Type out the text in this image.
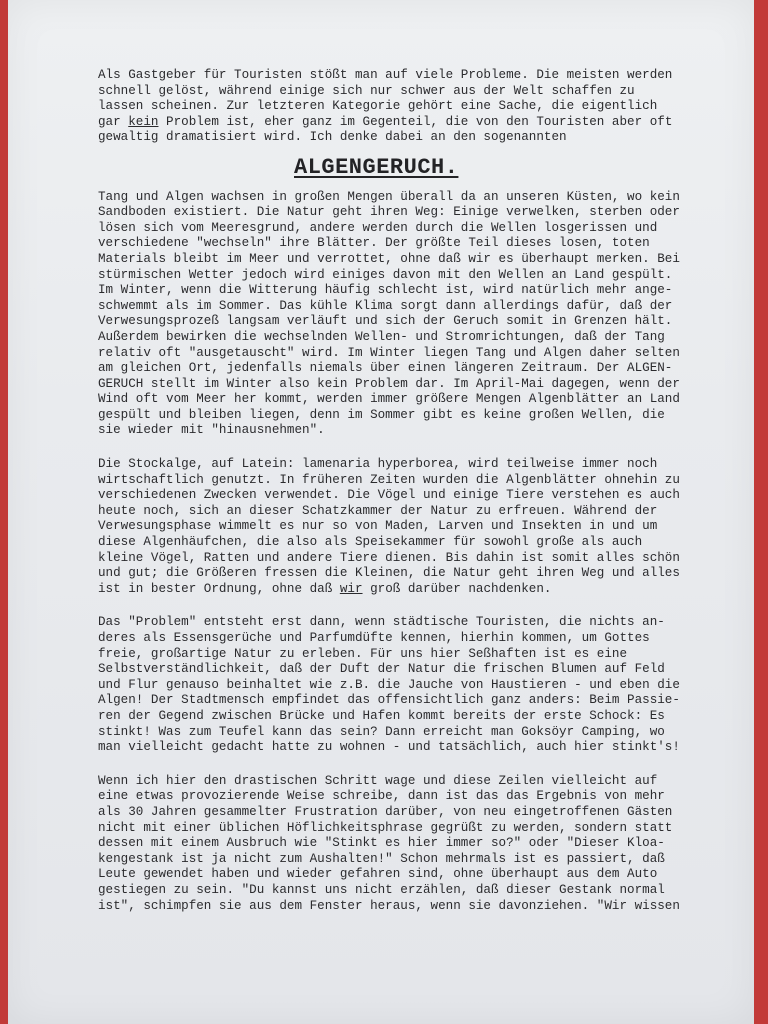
Als Gastgeber für Touristen stößt man auf viele Probleme. Die meisten werden
schnell gelöst, während einige sich nur schwer aus der Welt schaffen zu
lassen scheinen. Zur letzteren Kategorie gehört eine Sache, die eigentlich
gar kein Problem ist, eher ganz im Gegenteil, die von den Touristen aber oft
gewaltig dramatisiert wird. Ich denke dabei an den sogenannten
ALGENGERUCH.
Tang und Algen wachsen in großen Mengen überall da an unseren Küsten, wo kein
Sandboden existiert. Die Natur geht ihren Weg: Einige verwelken, sterben oder
lösen sich vom Meeresgrund, andere werden durch die Wellen losgerissen und
verschiedene "wechseln" ihre Blätter. Der größte Teil dieses losen, toten
Materials bleibt im Meer und verrottet, ohne daß wir es überhaupt merken. Bei
stürmischen Wetter jedoch wird einiges davon mit den Wellen an Land gespült.
Im Winter, wenn die Witterung häufig schlecht ist, wird natürlich mehr ange-
schwemmt als im Sommer. Das kühle Klima sorgt dann allerdings dafür, daß der
Verwesungsprozeß langsam verläuft und sich der Geruch somit in Grenzen hält.
Außerdem bewirken die wechselnden Wellen- und Stromrichtungen, daß der Tang
relativ oft "ausgetauscht" wird. Im Winter liegen Tang und Algen daher selten
am gleichen Ort, jedenfalls niemals über einen längeren Zeitraum. Der ALGEN-
GERUCH stellt im Winter also kein Problem dar. Im April-Mai dagegen, wenn der
Wind oft vom Meer her kommt, werden immer größere Mengen Algenblätter an Land
gespült und bleiben liegen, denn im Sommer gibt es keine großen Wellen, die
sie wieder mit "hinausnehmen".
Die Stockalge, auf Latein: lamenaria hyperborea, wird teilweise immer noch
wirtschaftlich genutzt. In früheren Zeiten wurden die Algenblätter ohnehin zu
verschiedenen Zwecken verwendet. Die Vögel und einige Tiere verstehen es auch
heute noch, sich an dieser Schatzkammer der Natur zu erfreuen. Während der
Verwesungsphase wimmelt es nur so von Maden, Larven und Insekten in und um
diese Algenhäufchen, die also als Speisekammer für sowohl große als auch
kleine Vögel, Ratten und andere Tiere dienen. Bis dahin ist somit alles schön
und gut; die Größeren fressen die Kleinen, die Natur geht ihren Weg und alles
ist in bester Ordnung, ohne daß wir groß darüber nachdenken.
Das "Problem" entsteht erst dann, wenn städtische Touristen, die nichts an-
deres als Essensgerüche und Parfumdüfte kennen, hierhin kommen, um Gottes
freie, großartige Natur zu erleben. Für uns hier Seßhaften ist es eine
Selbstverständlichkeit, daß der Duft der Natur die frischen Blumen auf Feld
und Flur genauso beinhaltet wie z.B. die Jauche von Haustieren - und eben die
Algen! Der Stadtmensch empfindet das offensichtlich ganz anders: Beim Passie-
ren der Gegend zwischen Brücke und Hafen kommt bereits der erste Schock: Es
stinkt! Was zum Teufel kann das sein? Dann erreicht man Goksöyr Camping, wo
man vielleicht gedacht hatte zu wohnen - und tatsächlich, auch hier stinkt's!
Wenn ich hier den drastischen Schritt wage und diese Zeilen vielleicht auf
eine etwas provozierende Weise schreibe, dann ist das das Ergebnis von mehr
als 30 Jahren gesammelter Frustration darüber, von neu eingetroffenen Gästen
nicht mit einer üblichen Höflichkeitsphrase gegrüßt zu werden, sondern statt
dessen mit einem Ausbruch wie "Stinkt es hier immer so?" oder "Dieser Kloa-
kengestank ist ja nicht zum Aushalten!" Schon mehrmals ist es passiert, daß
Leute gewendet haben und wieder gefahren sind, ohne überhaupt aus dem Auto
gestiegen zu sein. "Du kannst uns nicht erzählen, daß dieser Gestank normal
ist", schimpfen sie aus dem Fenster heraus, wenn sie davonziehen. "Wir wissen
